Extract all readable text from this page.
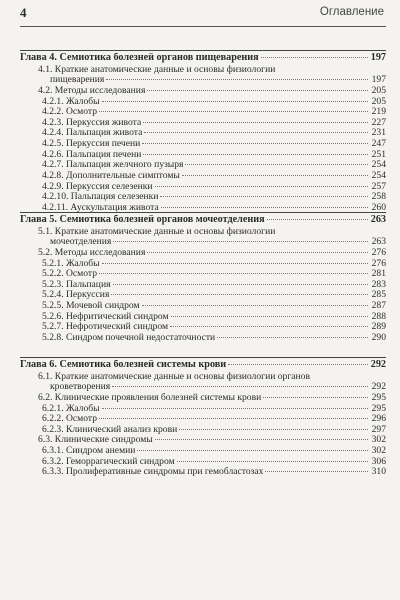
4	Оглавление
Глава 4. Семиотика болезней органов пищеварения	197
4.1. Краткие анатомические данные и основы физиологии
пищеварения	197
4.2. Методы исследования	205
4.2.1. Жалобы	205
4.2.2. Осмотр	219
4.2.3. Перкуссия живота	227
4.2.4. Пальпация живота	231
4.2.5. Перкуссия печени	247
4.2.6. Пальпация печени	251
4.2.7. Пальпация желчного пузыря	254
4.2.8. Дополнительные симптомы	254
4.2.9. Перкуссия селезенки	257
4.2.10. Пальпация селезенки	258
4.2.11. Аускультация живота	260
Глава 5. Семиотика болезней органов мочеотделения	263
5.1. Краткие анатомические данные и основы физиологии
мочеотделения	263
5.2. Методы исследования	276
5.2.1. Жалобы	276
5.2.2. Осмотр	281
5.2.3. Пальпация	283
5.2.4. Перкуссия	285
5.2.5. Мочевой синдром	287
5.2.6. Нефритический синдром	288
5.2.7. Нефротический синдром	289
5.2.8. Синдром почечной недостаточности	290
Глава 6. Семиотика болезней системы крови	292
6.1. Краткие анатомические данные и основы физиологии органов
кроветворения	292
6.2. Клинические проявления болезней системы крови	295
6.2.1. Жалобы	295
6.2.2. Осмотр	296
6.2.3. Клинический анализ крови	297
6.3. Клинические синдромы	302
6.3.1. Синдром анемии	302
6.3.2. Геморрагический синдром	306
6.3.3. Пролиферативные синдромы при гемобластозах	310
